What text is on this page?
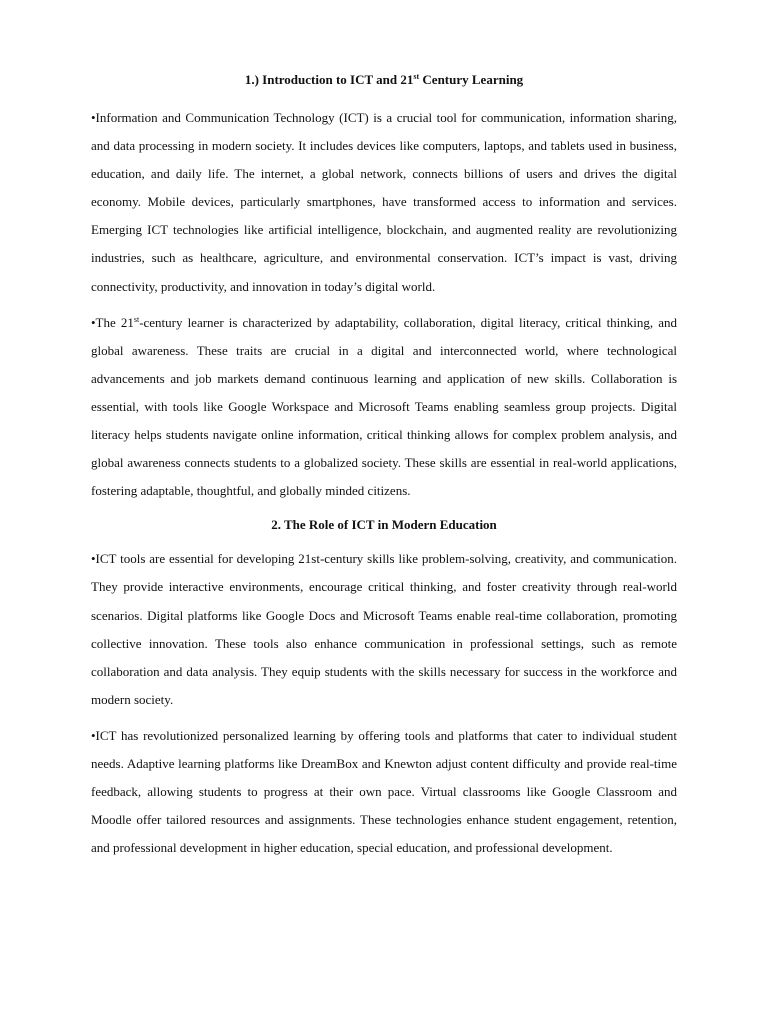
1.) Introduction to ICT and 21st Century Learning

•Information and Communication Technology (ICT) is a crucial tool for communication, information sharing, and data processing in modern society. It includes devices like computers, laptops, and tablets used in business, education, and daily life. The internet, a global network, connects billions of users and drives the digital economy. Mobile devices, particularly smartphones, have transformed access to information and services. Emerging ICT technologies like artificial intelligence, blockchain, and augmented reality are revolutionizing industries, such as healthcare, agriculture, and environmental conservation. ICT’s impact is vast, driving connectivity, productivity, and innovation in today’s digital world.

•The 21st-century learner is characterized by adaptability, collaboration, digital literacy, critical thinking, and global awareness. These traits are crucial in a digital and interconnected world, where technological advancements and job markets demand continuous learning and application of new skills. Collaboration is essential, with tools like Google Workspace and Microsoft Teams enabling seamless group projects. Digital literacy helps students navigate online information, critical thinking allows for complex problem analysis, and global awareness connects students to a globalized society. These skills are essential in real-world applications, fostering adaptable, thoughtful, and globally minded citizens.

2. The Role of ICT in Modern Education

•ICT tools are essential for developing 21st-century skills like problem-solving, creativity, and communication. They provide interactive environments, encourage critical thinking, and foster creativity through real-world scenarios. Digital platforms like Google Docs and Microsoft Teams enable real-time collaboration, promoting collective innovation. These tools also enhance communication in professional settings, such as remote collaboration and data analysis. They equip students with the skills necessary for success in the workforce and modern society.

•ICT has revolutionized personalized learning by offering tools and platforms that cater to individual student needs. Adaptive learning platforms like DreamBox and Knewton adjust content difficulty and provide real-time feedback, allowing students to progress at their own pace. Virtual classrooms like Google Classroom and Moodle offer tailored resources and assignments. These technologies enhance student engagement, retention, and professional development in higher education, special education, and professional development.
